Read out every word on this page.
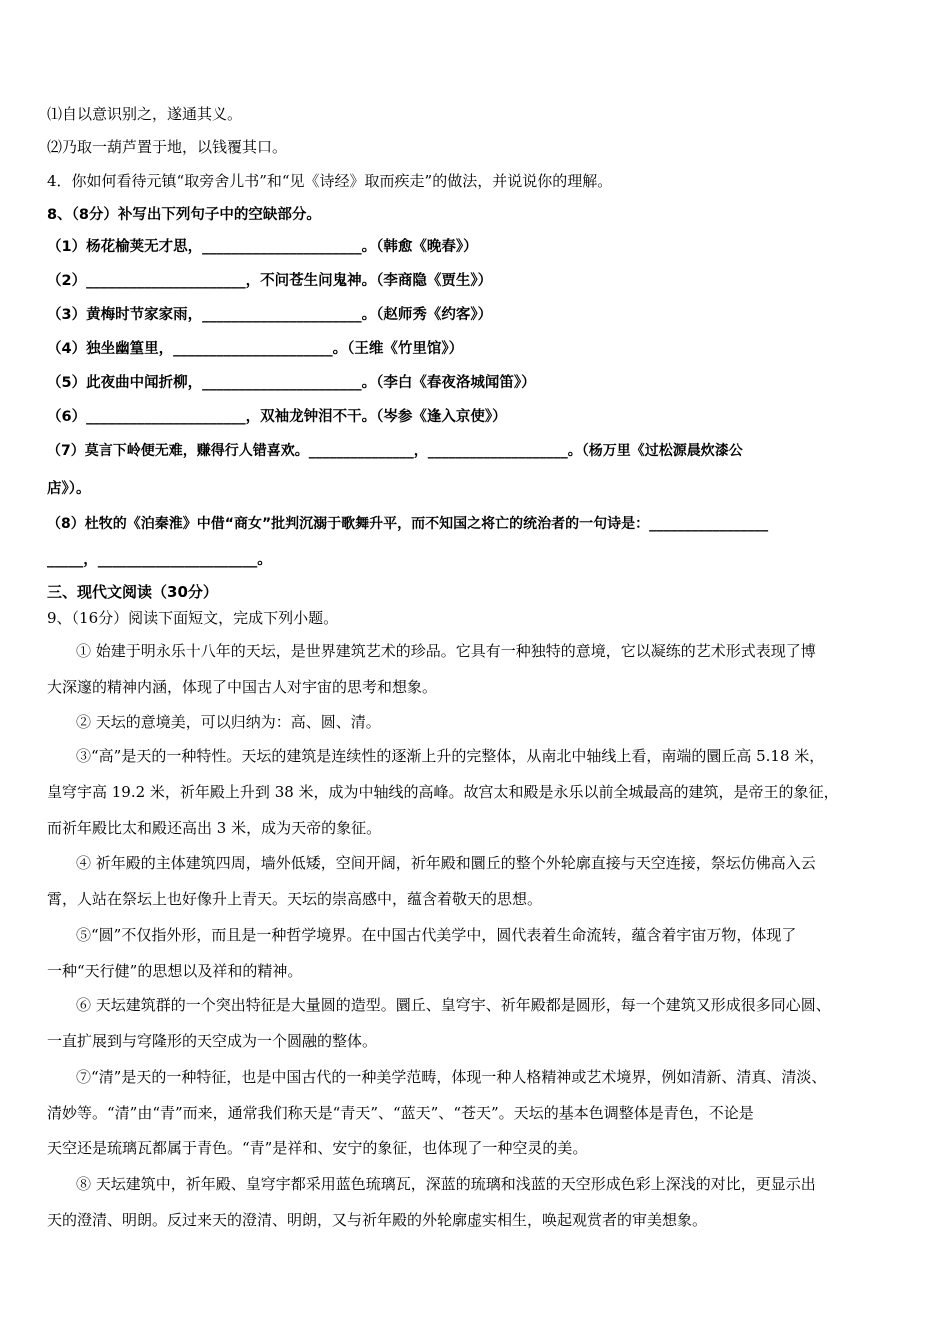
⑴自以意识别之，遂通其义。
⑵乃取一葫芦置于地，以钱覆其口。
4．你如何看待元镇“取旁舍儿书”和“见《诗经》取而疾走”的做法，并说说你的理解。
8、（8分）补写出下列句子中的空缺部分。
（1）杨花榆荚无才思，______________________。（韩愈《晚春》）
（2）______________________，不问苍生问鬼神。（李商隐《贾生》）
（3）黄梅时节家家雨，______________________。（赵师秀《约客》）
（4）独坐幽篁里，______________________。（王维《竹里馆》）
（5）此夜曲中闻折柳，______________________。（李白《春夜洛城闻笛》）
（6）______________________，双袖龙钟泪不干。（岑参《逢入京使》）
（7）莫言下岭便无难，赚得行人错喜欢。_______________，____________________。（杨万里《过松源晨炊漆公
店》）。
（8）杜牧的《泊秦淮》中借“商女”批判沉溺于歌舞升平，而不知国之将亡的统治者的一句诗是：_________________
_____，______________________。
三、现代文阅读（30分）
9、（16分）阅读下面短文，完成下列小题。
① 始建于明永乐十八年的天坛，是世界建筑艺术的珍品。它具有一种独特的意境，它以凝练的艺术形式表现了博
大深邃的精神内涵，体现了中国古人对宇宙的思考和想象。
② 天坛的意境美，可以归纳为：高、圆、清。
③“高”是天的一种特性。天坛的建筑是连续性的逐渐上升的完整体，从南北中轴线上看，南端的圜丘高 5.18 米，
皇穹宇高 19.2 米，祈年殿上升到 38 米，成为中轴线的高峰。故宫太和殿是永乐以前全城最高的建筑，是帝王的象征，
而祈年殿比太和殿还高出 3 米，成为天帝的象征。
④ 祈年殿的主体建筑四周，墙外低矮，空间开阔，祈年殿和圜丘的整个外轮廓直接与天空连接，祭坛仿佛高入云
霄，人站在祭坛上也好像升上青天。天坛的崇高感中，蕴含着敬天的思想。
⑤“圆”不仅指外形，而且是一种哲学境界。在中国古代美学中，圆代表着生命流转，蕴含着宇宙万物，体现了
一种“天行健”的思想以及祥和的精神。
⑥ 天坛建筑群的一个突出特征是大量圆的造型。圜丘、皇穹宇、祈年殿都是圆形，每一个建筑又形成很多同心圆、
一直扩展到与穹隆形的天空成为一个圆融的整体。
⑦“清”是天的一种特征，也是中国古代的一种美学范畴，体现一种人格精神或艺术境界，例如清新、清真、清淡、
清妙等。“清”由“青”而来，通常我们称天是“青天”、“蓝天”、“苍天”。天坛的基本色调整体是青色，不论是
天空还是琉璃瓦都属于青色。“青”是祥和、安宁的象征，也体现了一种空灵的美。
⑧ 天坛建筑中，祈年殿、皇穹宇都采用蓝色琉璃瓦，深蓝的琉璃和浅蓝的天空形成色彩上深浅的对比，更显示出
天的澄清、明朗。反过来天的澄清、明朗，又与祈年殿的外轮廓虚实相生，唤起观赏者的审美想象。
